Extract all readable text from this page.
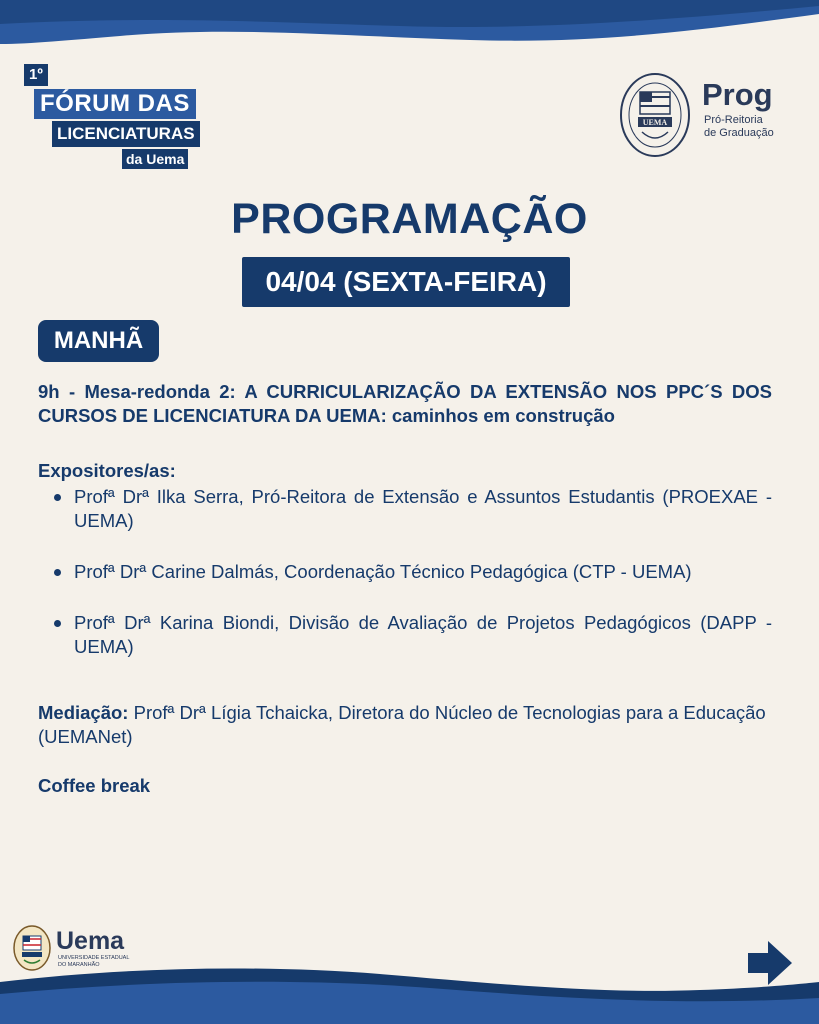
1º
FÓRUM DAS
LICENCIATURAS
da Uema
UEMA
Prog
Pró-Reitoria
de Graduação
PROGRAMAÇÃO
04/04 (SEXTA-FEIRA)
MANHÃ

9h - Mesa-redonda 2: A CURRICULARIZAÇÃO DA EXTENSÃO NOS PPC´S DOS CURSOS DE LICENCIATURA DA UEMA: caminhos em construção

Expositores/as:
Profª Drª Ilka Serra, Pró-Reitora de Extensão e Assuntos Estudantis (PROEXAE - UEMA)
Profª Drª Carine Dalmás, Coordenação Técnico Pedagógica (CTP - UEMA)
Profª Drª Karina Biondi, Divisão de Avaliação de Projetos Pedagógicos (DAPP - UEMA)

Mediação: Profª Drª Lígia Tchaicka, Diretora do Núcleo de Tecnologias para a Educação (UEMANet)

Coffee break
Uema
UNIVERSIDADE ESTADUAL
DO MARANHÃO
